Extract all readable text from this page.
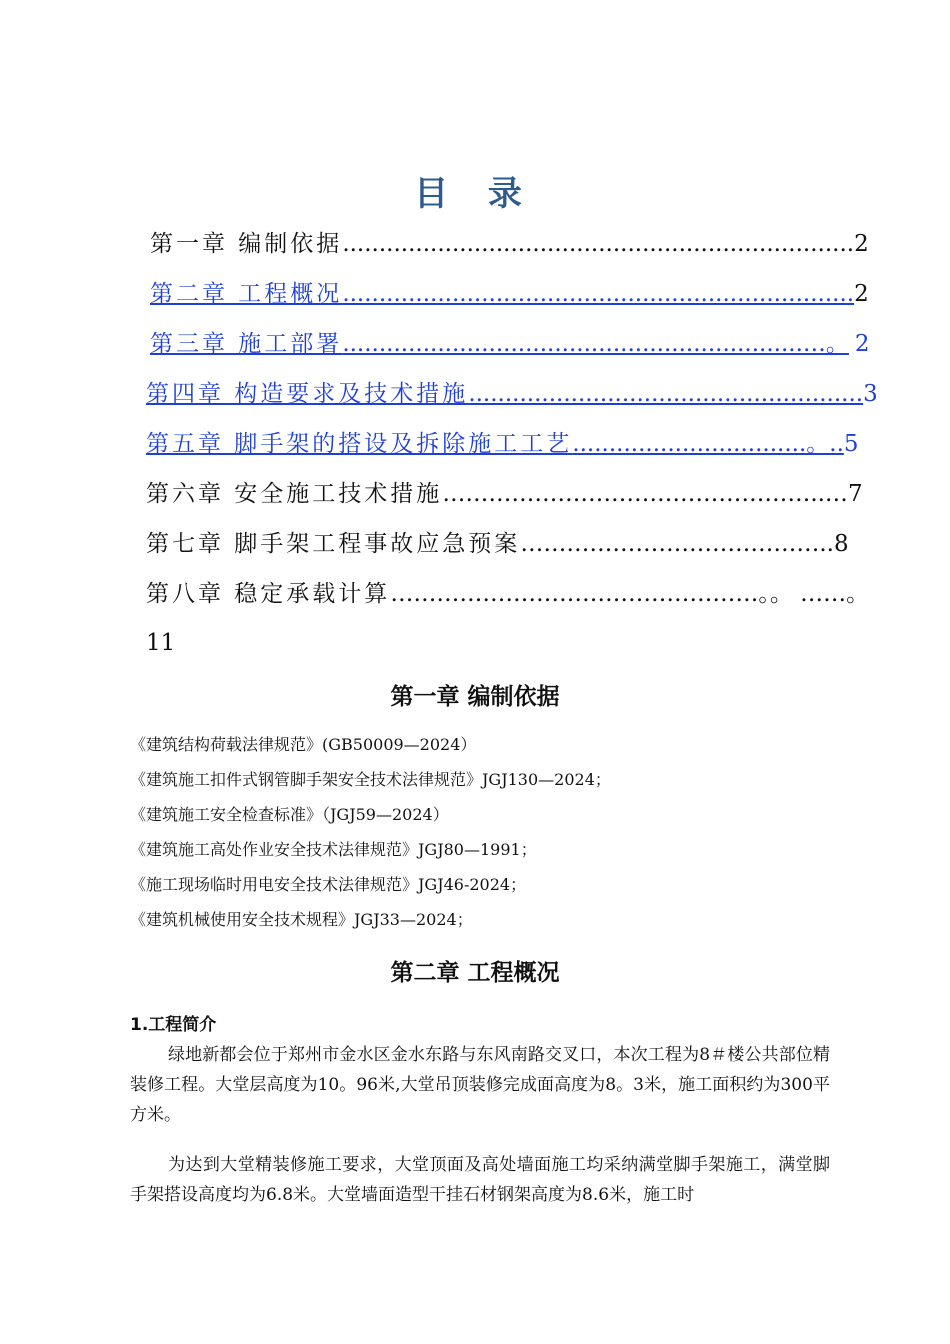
目 录
第一章 编制依据 ...................................................................... 2
第二章 工程概况 ...................................................................... 2
第三章 施工部署 ...............................................................…。 2
第四章 构造要求及技术措施 ...................................................... 3
第五章 脚手架的搭设及拆除施工工艺 ................................。.. 5
第六章 安全施工技术措施 …………………………………………..… 7
第七章 脚手架工程事故应急预案 ………………………………….. 8
第八章 稳定承载计算 …………………………………………。。 ……。
11
第一章 编制依据
《建筑结构荷载法律规范》(GB50009—2024）
《建筑施工扣件式钢管脚手架安全技术法律规范》JGJ130—2024；
《建筑施工安全检查标准》（JGJ59—2024）
《建筑施工高处作业安全技术法律规范》JGJ80—1991；
《施工现场临时用电安全技术法律规范》JGJ46-2024；
《建筑机械使用安全技术规程》JGJ33—2024；
第二章 工程概况
1.工程简介
绿地新都会位于郑州市金水区金水东路与东风南路交叉口，本次工程为8＃楼公共部位精装修工程。大堂层高度为10。96米,大堂吊顶装修完成面高度为8。3米，施工面积约为300平方米。
为达到大堂精装修施工要求，大堂顶面及高处墙面施工均采纳满堂脚手架施工，满堂脚手架搭设高度均为6.8米。大堂墙面造型干挂石材钢架高度为8.6米，施工时
